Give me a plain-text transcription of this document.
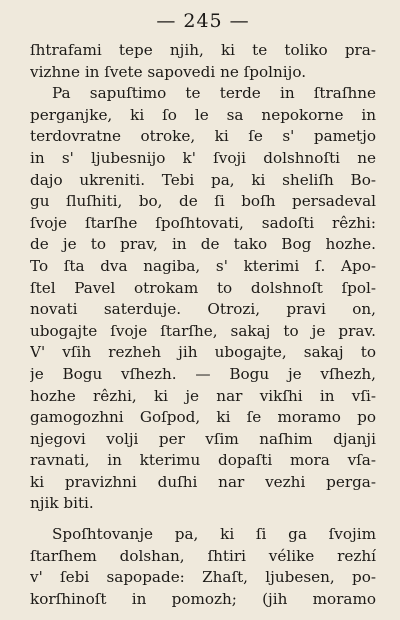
— 245 —
ſhtrafami tepe njih, ki te toliko pra-
vizhne in ſvete sapovedi ne ſpolnijo.
Pa sapuſtimo te terde in ſtraſhne
perganjke, ki ſo le sa nepokorne in
terdovratne otroke, ki ſe s' pametjo
in s' ljubesnijo k' ſvoji dolshnoſti ne
dajo ukreniti. Tebi pa, ki sheliſh Bo-
gu ſluſhiti, bo, de ſi boſh persadeval
ſvoje ſtarſhe ſpoſhtovati, sadoſti rêzhi:
de je to prav, in de tako Bog hozhe.
To ſta dva nagiba, s' kterimi ſ. Apo-
ſtel Pavel otrokam to dolshnoſt ſpol-
novati saterduje. Otrozi, pravi on,
ubogajte ſvoje ſtarſhe, sakaj to je prav.
V' vſih rezheh jih ubogajte, sakaj to
je Bogu vſhezh. — Bogu je vſhezh,
hozhe rêzhi, ki je nar vikſhi in vſi-
gamogozhni Goſpod, ki ſe moramo po
njegovi volji per vſim naſhim djanji
ravnati, in kterimu dopaſti mora vſa-
ki pravizhni duſhi nar vezhi perga-
njik biti.
Spoſhtovanje pa, ki ſi ga ſvojim
ſtarſhem dolshan, ſhtiri vélike rezhí
v' ſebi sapopade: Zhaſt, ljubesen, po-
korſhinoſt in pomozh; (jih moramo
